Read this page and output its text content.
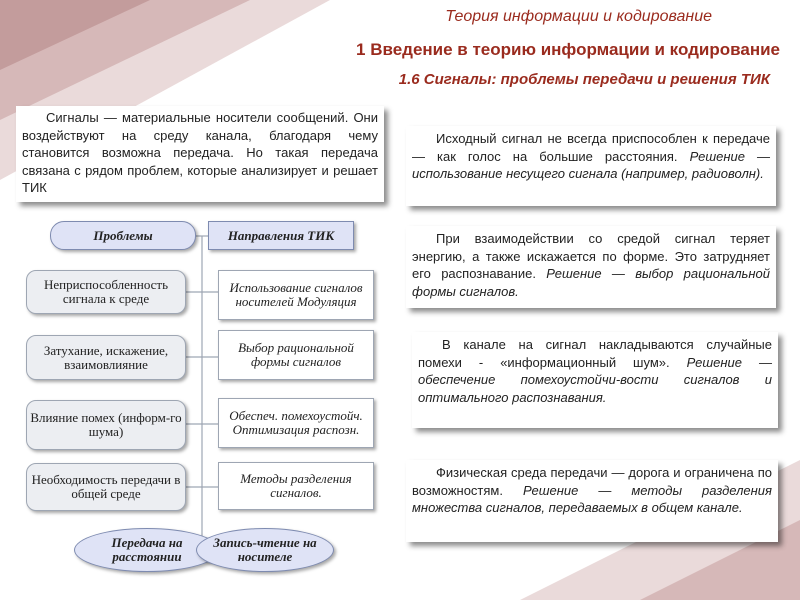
Теория информации и кодирование
1 Введение в теорию информации и кодирование
1.6 Сигналы: проблемы передачи и решения ТИК

Сигналы — материальные носители сообщений. Они воздействуют на среду канала, благодаря чему становится возможна передача. Но такая передача связана с рядом проблем, которые анализирует и решает ТИК

Проблемы	Направления ТИК
Неприспособленность сигнала к среде
Использование сигналов носителей Модуляция
Затухание, искажение, взаимовлияние
Выбор рациональной формы сигналов
Влияние помех (информ-го шума)
Обеспеч. помехоустойч. Оптимизация распозн.
Необходимость передачи в общей среде
Методы разделения сигналов.
Передача на расстоянии
Запись-чтение на носителе

Исходный сигнал не всегда приспособлен к передаче — как голос на большие расстояния. Решение — использование несущего сигнала (например, радиоволн).

При взаимодействии со средой сигнал теряет энергию, а также искажается по форме. Это затрудняет его распознавание. Решение — выбор рациональной формы сигналов.

В канале на сигнал накладываются случайные помехи - «информационный шум». Решение — обеспечение помехоустойчи-вости сигналов и оптимального распознавания.

Физическая среда передачи — дорога и ограничена по возможностям. Решение — методы разделения множества сигналов, передаваемых в общем канале.
